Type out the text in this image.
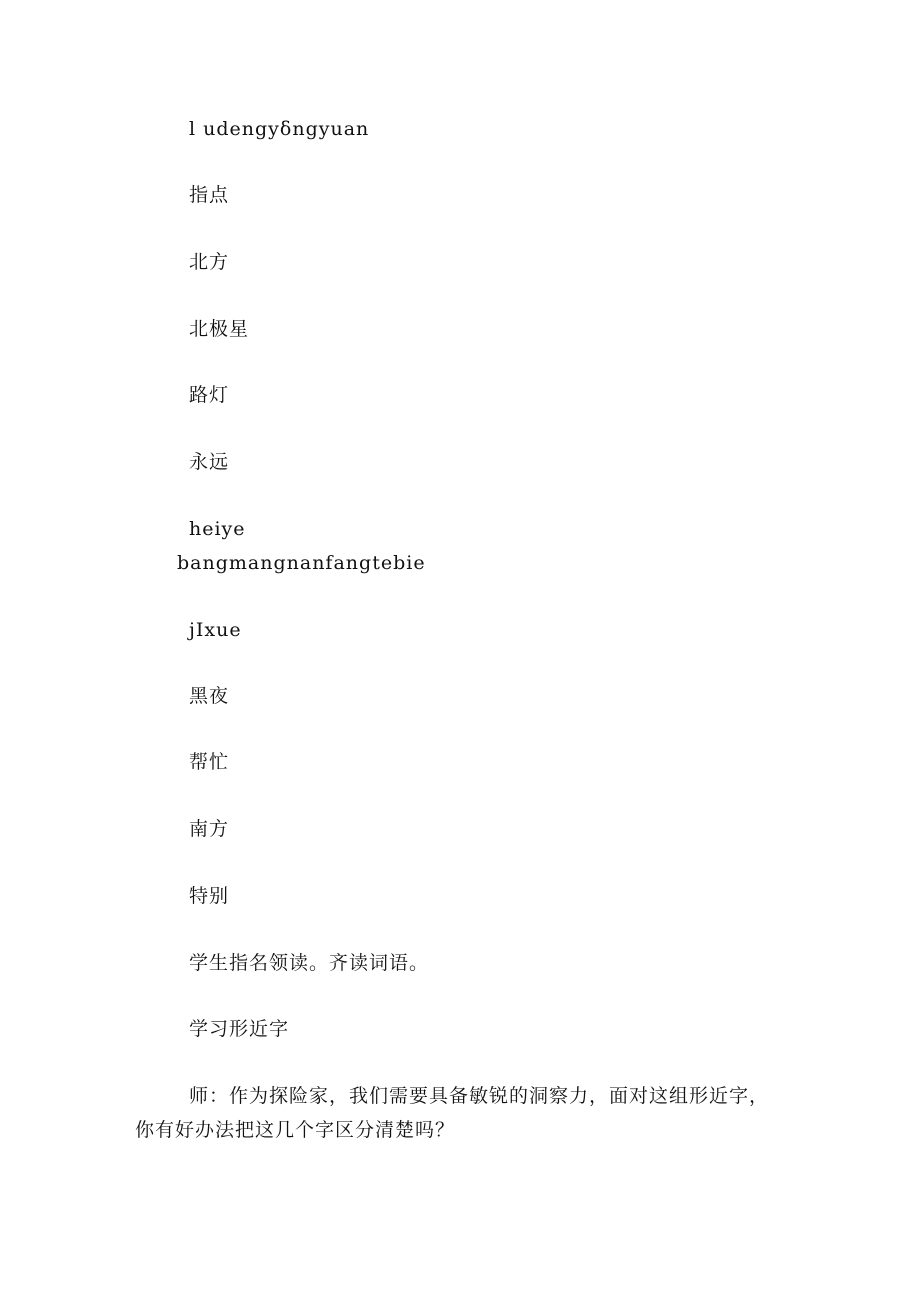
l udengyδngyuan
指点
北方
北极星
路灯
永远
heiye
bangmangnanfangtebie
jIxue
黑夜
帮忙
南方
特别
学生指名领读。齐读词语。
学习形近字
师：作为探险家，我们需要具备敏锐的洞察力，面对这组形近字，
你有好办法把这几个字区分清楚吗？
